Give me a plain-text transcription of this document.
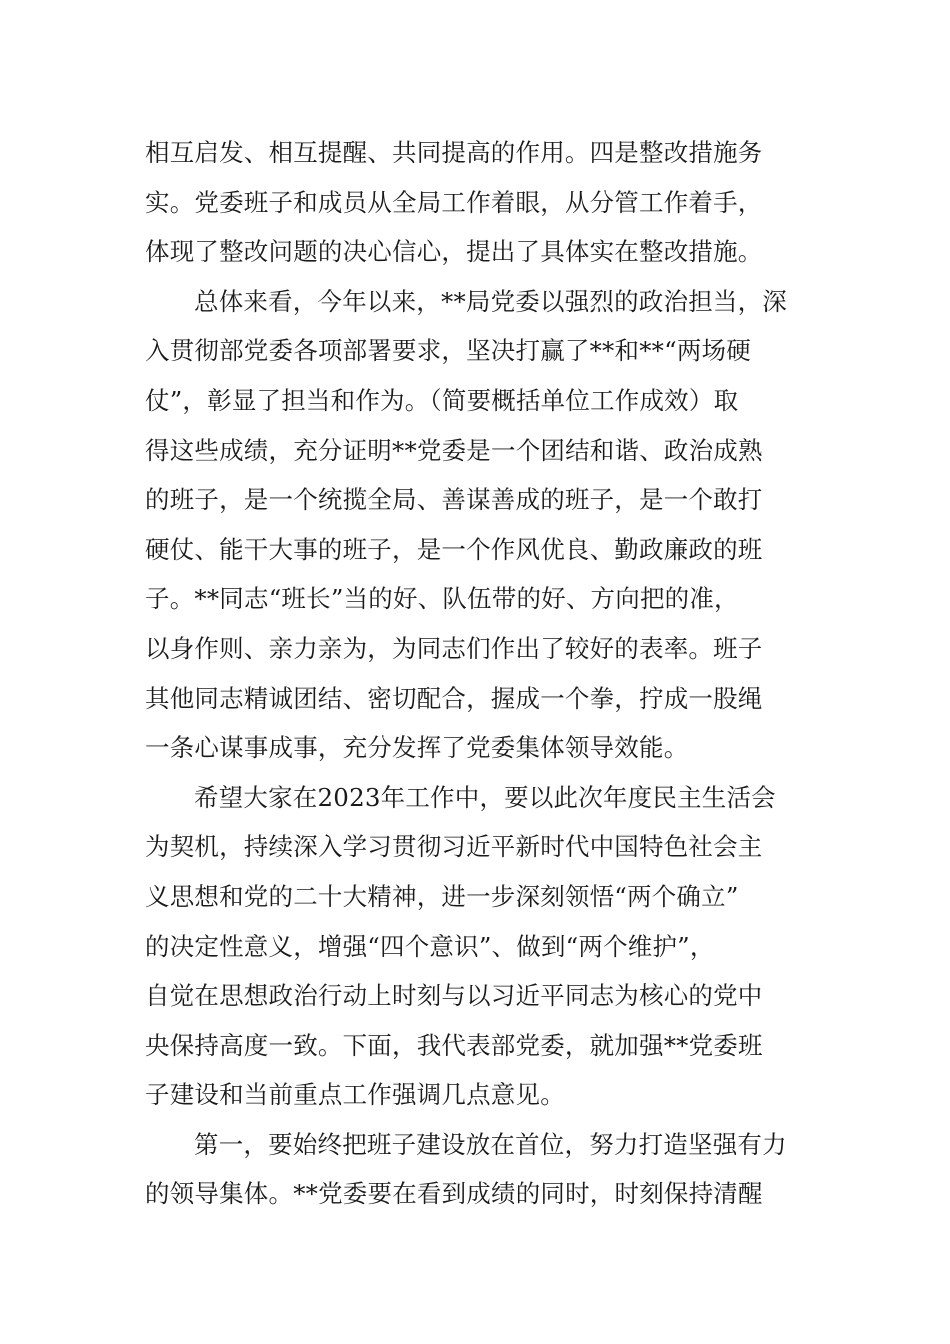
相互启发、相互提醒、共同提高的作用。四是整改措施务
实。党委班子和成员从全局工作着眼，从分管工作着手，
体现了整改问题的决心信心，提出了具体实在整改措施。
总体来看，今年以来，**局党委以强烈的政治担当，深
入贯彻部党委各项部署要求，坚决打赢了**和**“两场硬
仗”，彰显了担当和作为。（简要概括单位工作成效）取
得这些成绩，充分证明**党委是一个团结和谐、政治成熟
的班子，是一个统揽全局、善谋善成的班子，是一个敢打
硬仗、能干大事的班子，是一个作风优良、勤政廉政的班
子。**同志“班长”当的好、队伍带的好、方向把的准，
以身作则、亲力亲为，为同志们作出了较好的表率。班子
其他同志精诚团结、密切配合，握成一个拳，拧成一股绳
一条心谋事成事，充分发挥了党委集体领导效能。
希望大家在2023年工作中，要以此次年度民主生活会
为契机，持续深入学习贯彻习近平新时代中国特色社会主
义思想和党的二十大精神，进一步深刻领悟“两个确立”
的决定性意义，增强“四个意识”、做到“两个维护”，
自觉在思想政治行动上时刻与以习近平同志为核心的党中
央保持高度一致。下面，我代表部党委，就加强**党委班
子建设和当前重点工作强调几点意见。
第一，要始终把班子建设放在首位，努力打造坚强有力
的领导集体。**党委要在看到成绩的同时，时刻保持清醒
